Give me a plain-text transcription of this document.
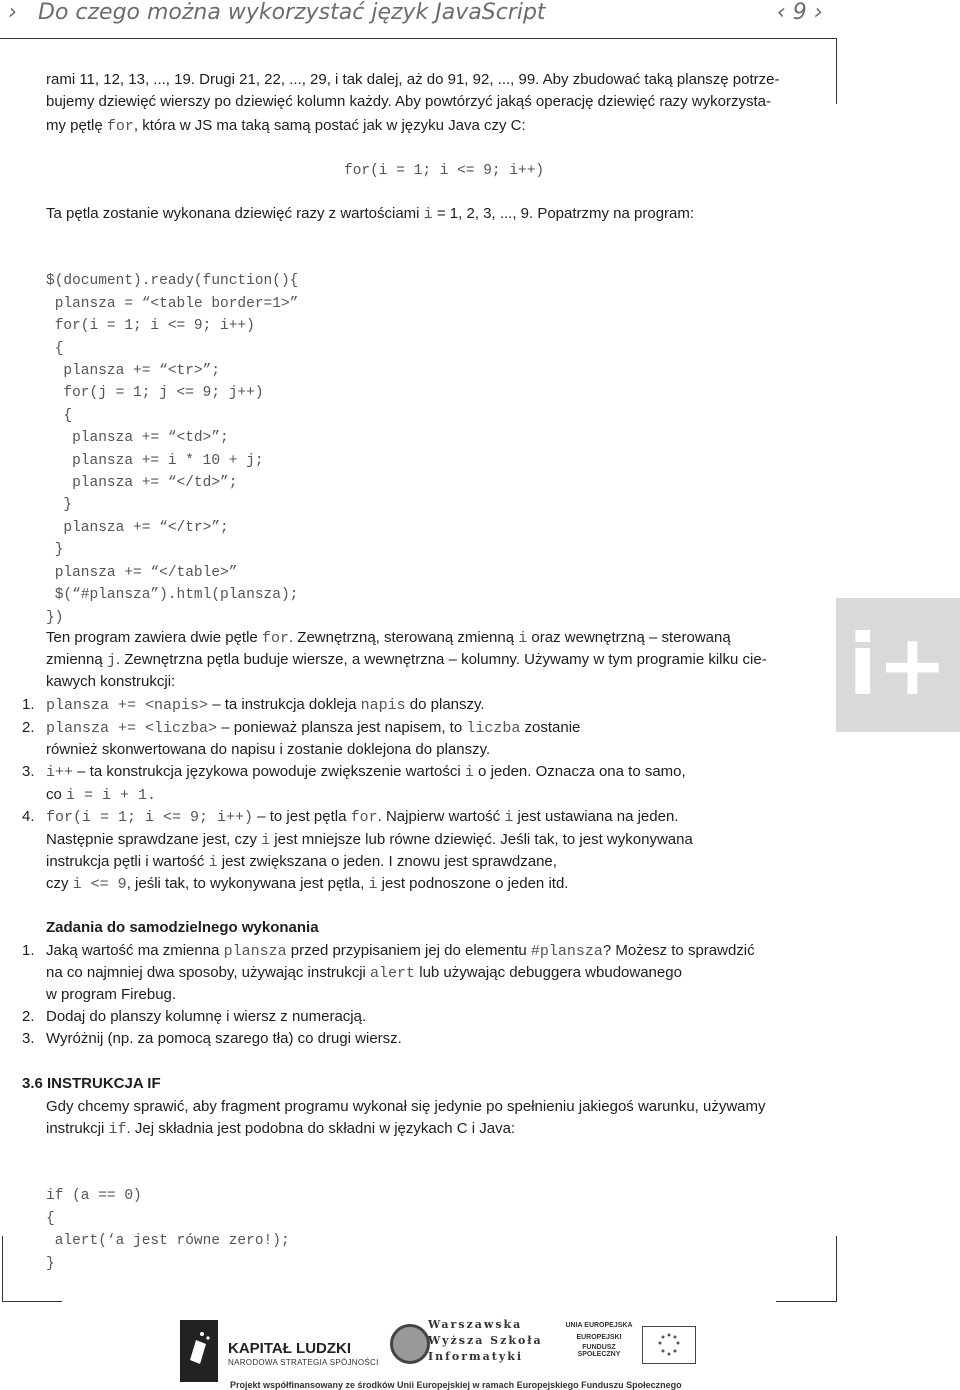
› Do czego można wykorzystać język JavaScript	‹ 9 ›
rami 11, 12, 13, ..., 19. Drugi 21, 22, ..., 29, i tak dalej, aż do 91, 92, ..., 99. Aby zbudować taką planszę potrze-
bujemy dziewięć wierszy po dziewięć kolumn każdy. Aby powtórzyć jakąś operację dziewięć razy wykorzysta-
my pętlę for, która w JS ma taką samą postać jak w języku Java czy C:
for(i = 1; i <= 9; i++)
Ta pętla zostanie wykonana dziewięć razy z wartościami i = 1, 2, 3, ..., 9. Popatrzmy na program:

$(document).ready(function(){
plansza = “<table border=1>”
for(i = 1; i <= 9; i++)
{
plansza += “<tr>”;
for(j = 1; j <= 9; j++)
{
plansza += “<td>”;
plansza += i * 10 + j;
plansza += “</td>”;
}
plansza += “</tr>”;
}
plansza += “</table>”
$(“#plansza”).html(plansza);
})

Ten program zawiera dwie pętle for. Zewnętrzną, sterowaną zmienną i oraz wewnętrzną – sterowaną
zmienną j. Zewnętrzna pętla buduje wiersze, a wewnętrzna – kolumny. Używamy w tym programie kilku cie-
kawych konstrukcji:	i+
1. plansza += <napis> – ta instrukcja dokleja napis do planszy.
2. plansza += <liczba> – ponieważ plansza jest napisem, to liczba zostanie
również skonwertowana do napisu i zostanie doklejona do planszy.
3. i++ – ta konstrukcja językowa powoduje zwiększenie wartości i o jeden. Oznacza ona to samo,
co i = i + 1.
4. for(i = 1; i <= 9; i++) – to jest pętla for. Najpierw wartość i jest ustawiana na jeden.
Następnie sprawdzane jest, czy i jest mniejsze lub równe dziewięć. Jeśli tak, to jest wykonywana
instrukcja pętli i wartość i jest zwiększana o jeden. I znowu jest sprawdzane,
czy i <= 9, jeśli tak, to wykonywana jest pętla, i jest podnoszone o jeden itd.
Zadania do samodzielnego wykonania
1. Jaką wartość ma zmienna plansza przed przypisaniem jej do elementu #plansza? Możesz to sprawdzić
na co najmniej dwa sposoby, używając instrukcji alert lub używając debuggera wbudowanego
w program Firebug.
2. Dodaj do planszy kolumnę i wiersz z numeracją.
3. Wyróżnij (np. za pomocą szarego tła) co drugi wiersz.
3.6 INSTRUKCJA IF
Gdy chcemy sprawić, aby fragment programu wykonał się jedynie po spełnieniu jakiegoś warunku, używamy
instrukcji if. Jej składnia jest podobna do składni w językach C i Java:

if (a == 0)
{
alert(‘a jest równe zero!);
}

KAPITAŁ LUDZKI
NARODOWA STRATEGIA SPÓJNOŚCI
Warszawska
Wyższa Szkoła
Informatyki
UNIA EUROPEJSKA
EUROPEJSKI
FUNDUSZ SPOŁECZNY
Projekt współfinansowany ze środków Unii Europejskiej w ramach Europejskiego Funduszu Społecznego
